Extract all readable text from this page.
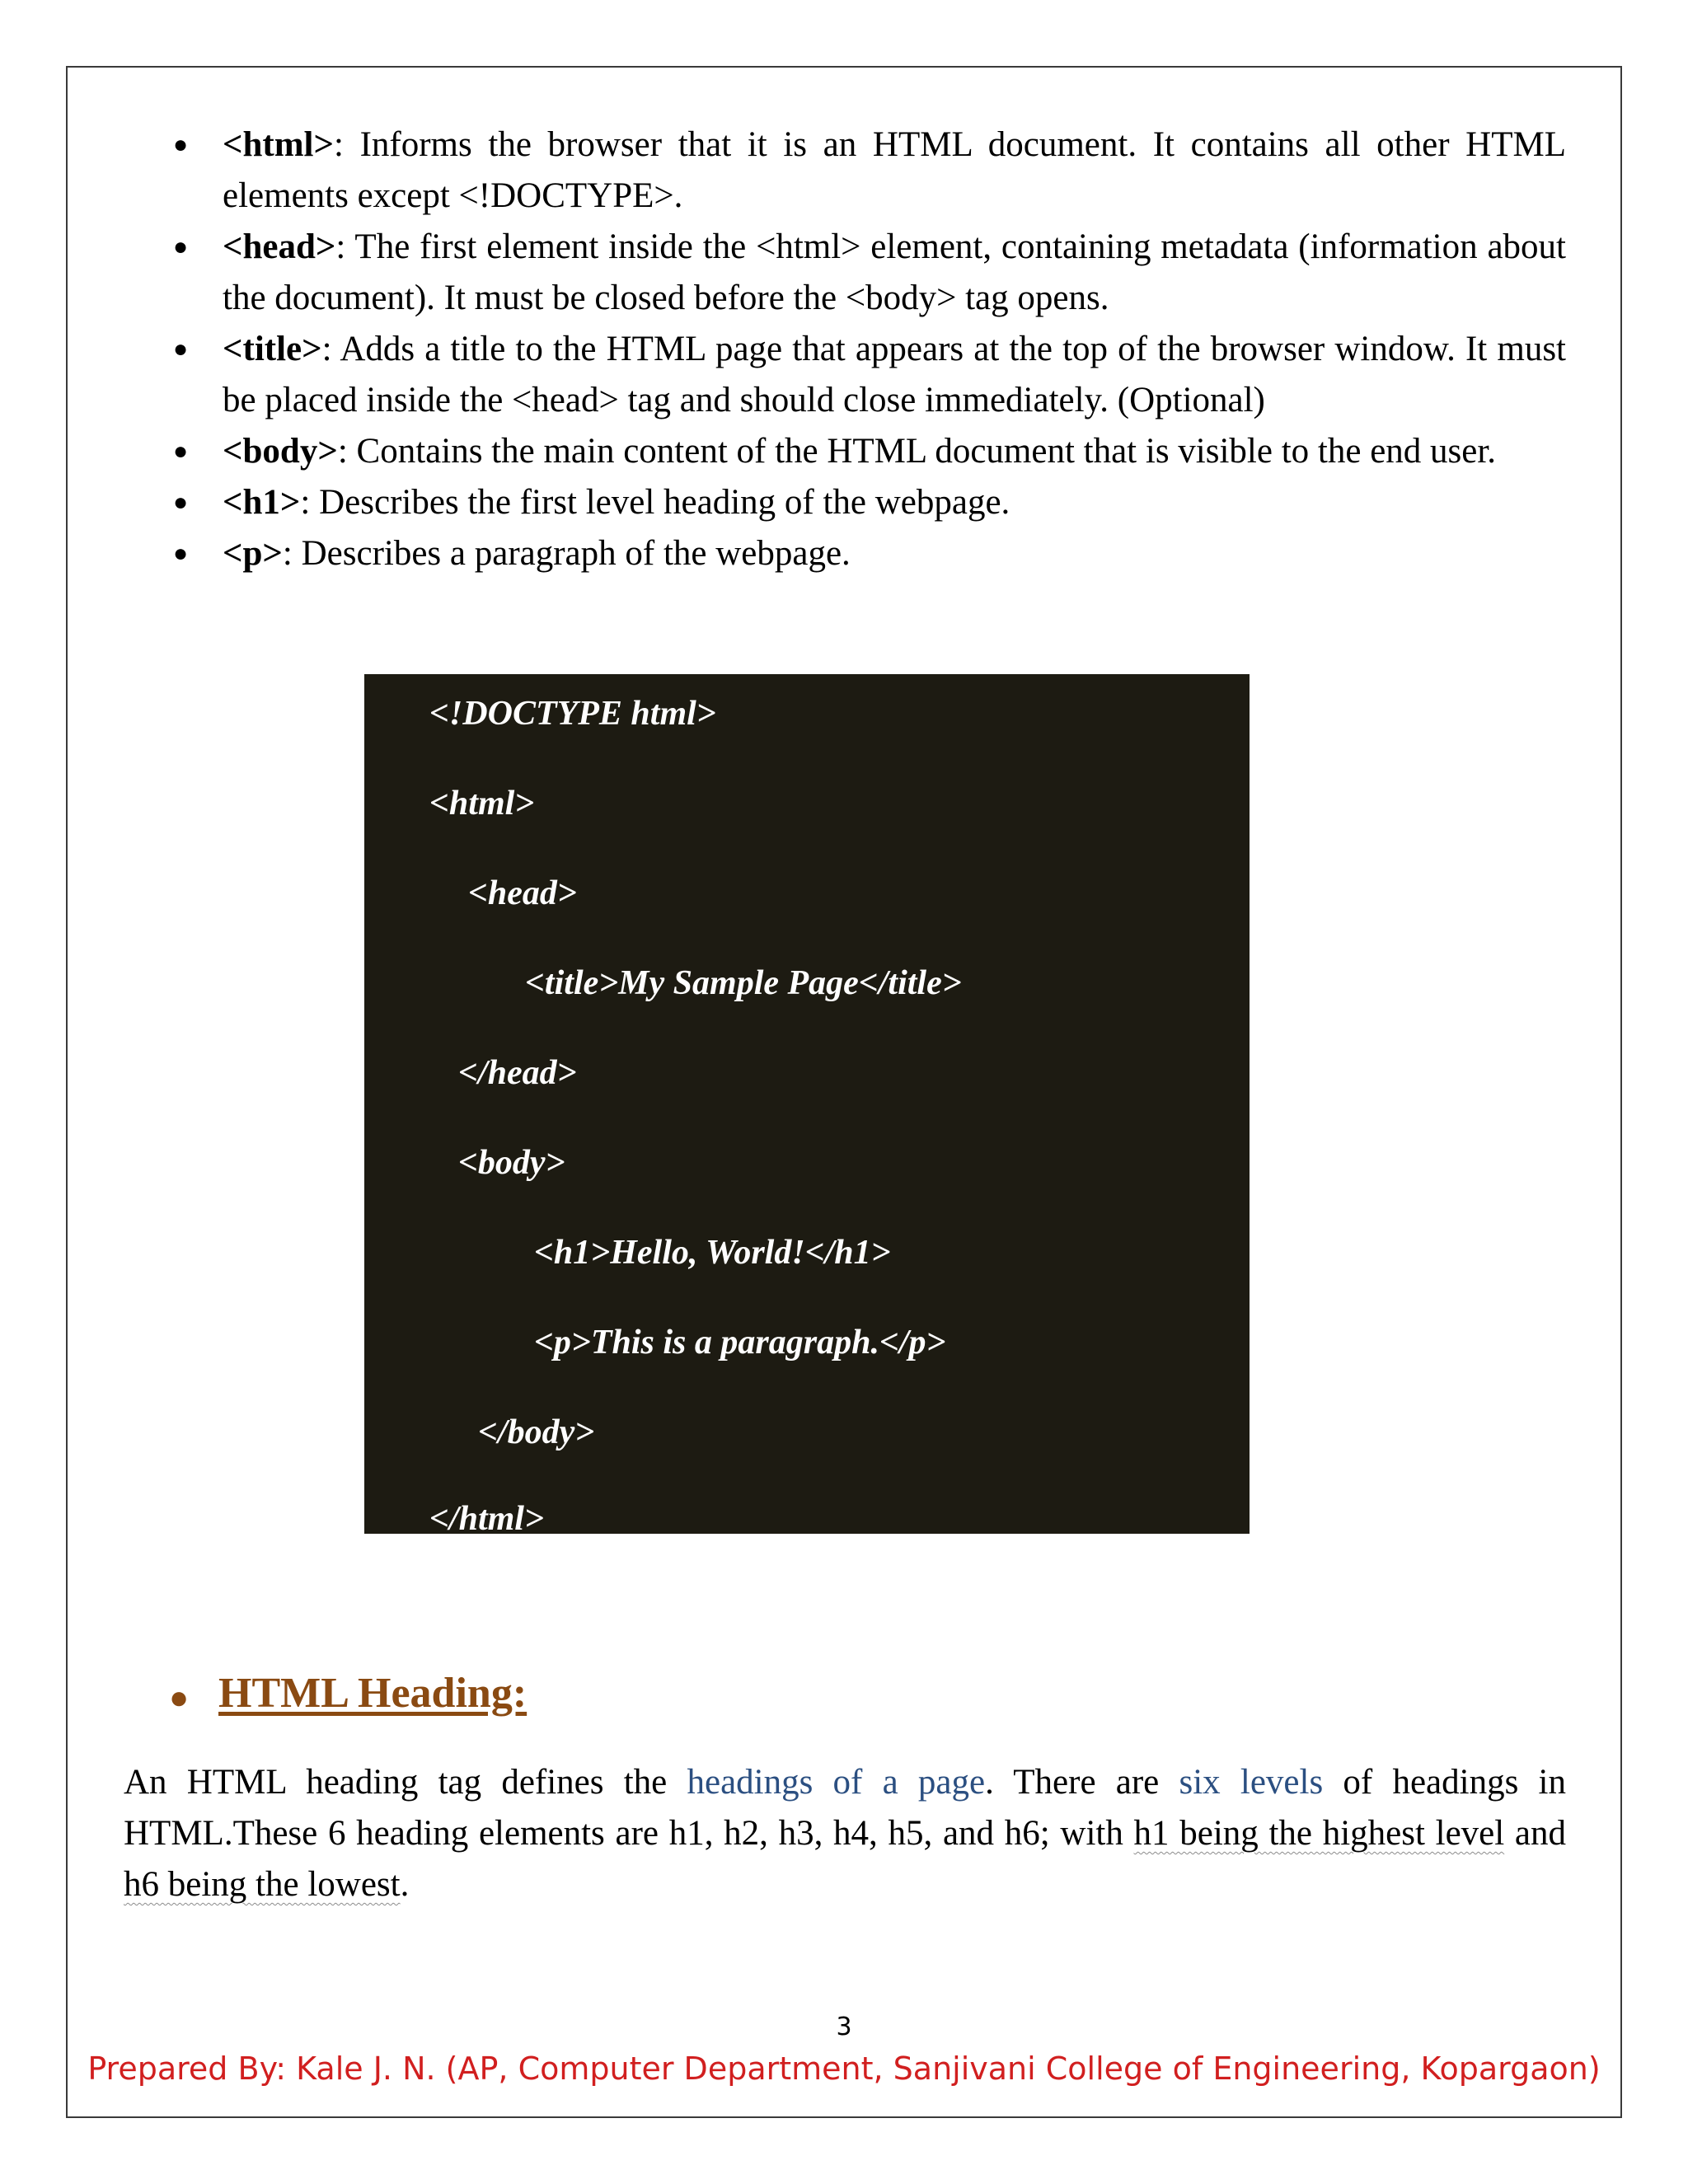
● <html>: Informs the browser that it is an HTML document. It contains all other HTML elements except <!DOCTYPE>.
● <head>: The first element inside the <html> element, containing metadata (information about the document). It must be closed before the <body> tag opens.
● <title>: Adds a title to the HTML page that appears at the top of the browser window. It must be placed inside the <head> tag and should close immediately. (Optional)
● <body>: Contains the main content of the HTML document that is visible to the end user.
● <h1>: Describes the first level heading of the webpage.
● <p>: Describes a paragraph of the webpage.
<!DOCTYPE html>
<html>
<head>
<title>My Sample Page</title>
</head>
<body>
<h1>Hello, World!</h1>
<p>This is a paragraph.</p>
</body>
</html>
● HTML Heading:
An HTML heading tag defines the headings of a page. There are six levels of headings in HTML.These 6 heading elements are h1, h2, h3, h4, h5, and h6; with h1 being the highest level and h6 being the lowest.
3
Prepared By: Kale J. N. (AP, Computer Department, Sanjivani College of Engineering, Kopargaon)
